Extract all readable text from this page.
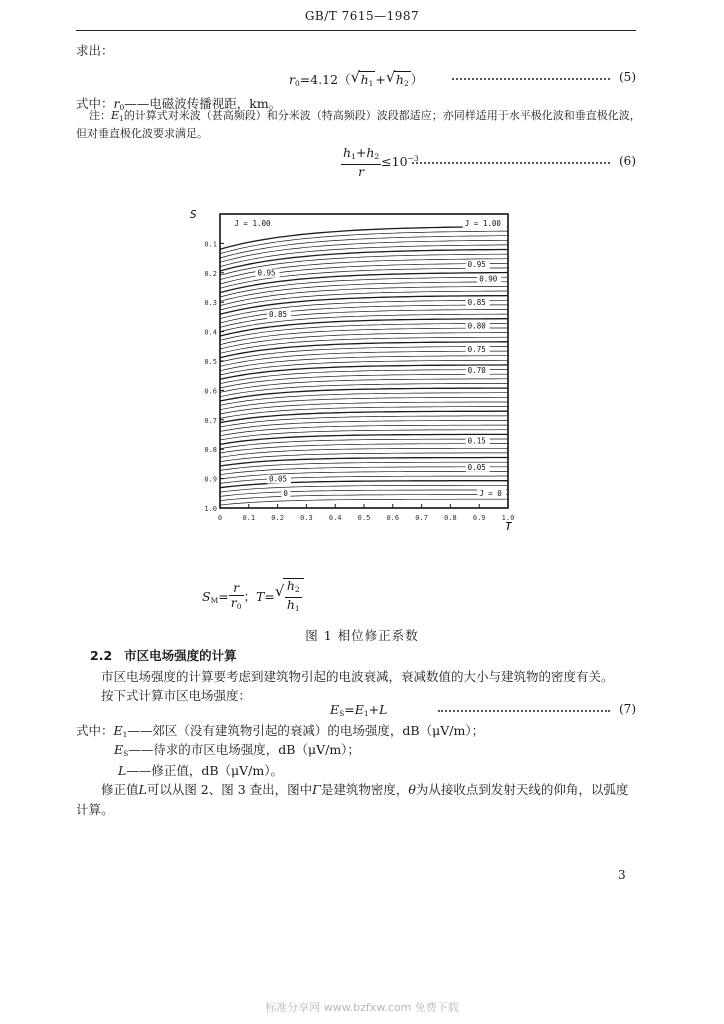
GB/T 7615—1987
求出：
$r_0=4.12$（ √ $h_1$ + √ $h_2$ ）	(5)
式中：$r_0——$电磁波传播视距，km。
注：$E_1$的计算式对米波（甚高频段）和分米波（特高频段）波段都适应；亦同样适用于水平极化波和垂直极化波，
但对垂直极化波要求满足。
$\frac{h_1+h_2}{r} \le 10^{-3}$	(6)
0.1
0.2
0.3
0.4
0.5
0.6
0.7
0.8
0.9
1.0
0	0.1 0.2 0.3 0.4 0.5 0.6 0.7 0.8 0.9 1.0
J = 1.00	J = 1.00
0.95
0.90
0.85
0.80
0.75
0.70
0.15
0.05
0.95
0.85
0.05
0	J = 0
S
T
$S_M= \frac{r}{r_0}$ ；T= √ $\frac{h_2}{h_1}$
图 1 相位修正系数
2.2 市区电场强度的计算
市区电场强度的计算要考虑到建筑物引起的电波衰减，衰减数值的大小与建筑物的密度有关。
按下式计算市区电场强度：
$E_S=E_1+L$	(7)
式中：$E_1——$郊区（没有建筑物引起的衰减）的电场强度，dB（μV/m）；
$E_S——$待求的市区电场强度，dB（μV/m）；
L——修正值，dB（μV/m）。
修正值L可以从图 2、图 3 查出，图中Γ是建筑物密度，θ为从接收点到发射天线的仰角，以弧度
计算。
3
标准分享网 www.bzfxw.com 免费下载
